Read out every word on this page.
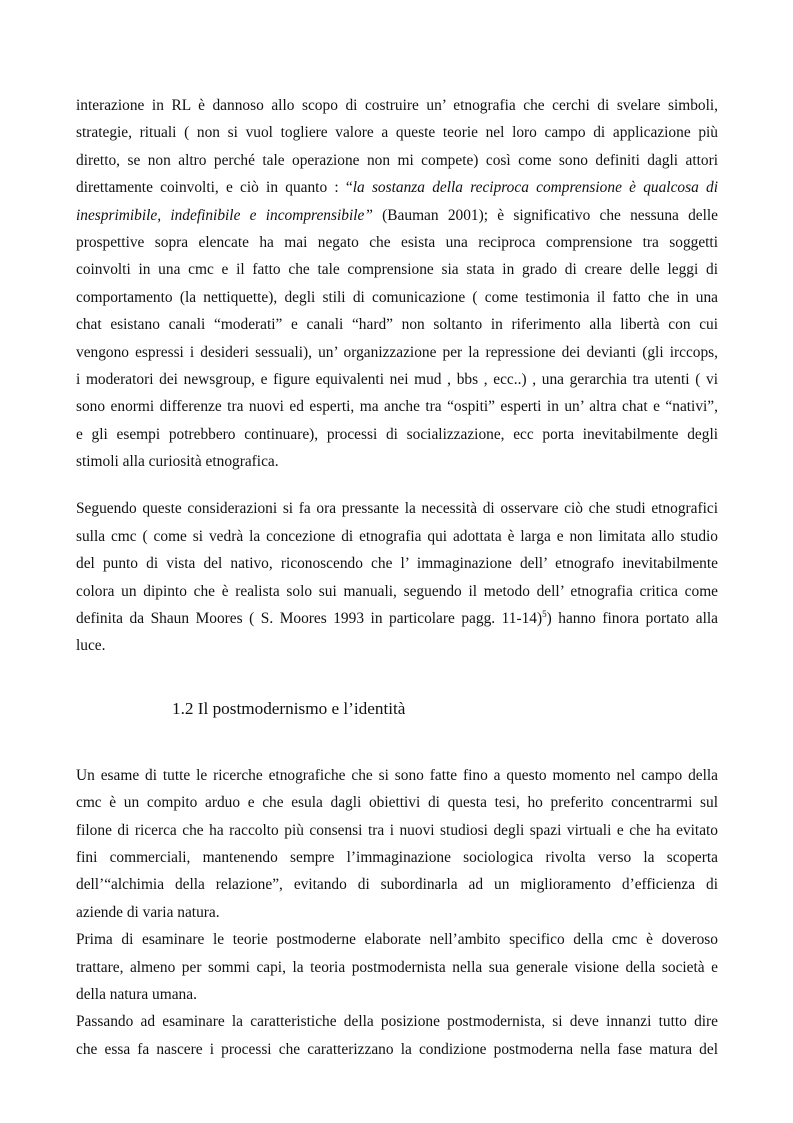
interazione in RL è dannoso allo scopo di costruire un’ etnografia che cerchi di svelare simboli,
strategie, rituali ( non si vuol togliere valore a queste teorie nel loro campo di applicazione più
diretto, se non altro perché tale operazione non mi compete) così come sono definiti dagli attori
direttamente coinvolti, e ciò in quanto : “la sostanza della reciproca comprensione è qualcosa di
inesprimibile, indefinibile e incomprensibile” (Bauman 2001); è significativo che nessuna delle
prospettive sopra elencate ha mai negato che esista una reciproca comprensione tra soggetti
coinvolti in una cmc e il fatto che tale comprensione sia stata in grado di creare delle leggi di
comportamento (la nettiquette), degli stili di comunicazione ( come testimonia il fatto che in una
chat esistano canali “moderati” e canali “hard” non soltanto in riferimento alla libertà con cui
vengono espressi i desideri sessuali), un’ organizzazione per la repressione dei devianti (gli irccops,
i moderatori dei newsgroup, e figure equivalenti nei mud , bbs , ecc..) , una gerarchia tra utenti ( vi
sono enormi differenze tra nuovi ed esperti, ma anche tra “ospiti” esperti in un’ altra chat e “nativi”,
e gli esempi potrebbero continuare), processi di socializzazione, ecc porta inevitabilmente degli
stimoli alla curiosità etnografica.
Seguendo queste considerazioni si fa ora pressante la necessità di osservare ciò che studi etnografici
sulla cmc ( come si vedrà la concezione di etnografia qui adottata è larga e non limitata allo studio
del punto di vista del nativo, riconoscendo che l’ immaginazione dell’ etnografo inevitabilmente
colora un dipinto che è realista solo sui manuali, seguendo il metodo dell’ etnografia critica come
definita da Shaun Moores ( S. Moores 1993 in particolare pagg. 11-14)$^5$) hanno finora portato alla
luce.
1.2 Il postmodernismo e l’identità
Un esame di tutte le ricerche etnografiche che si sono fatte fino a questo momento nel campo della
cmc è un compito arduo e che esula dagli obiettivi di questa tesi, ho preferito concentrarmi sul
filone di ricerca che ha raccolto più consensi tra i nuovi studiosi degli spazi virtuali e che ha evitato
fini commerciali, mantenendo sempre l’immaginazione sociologica rivolta verso la scoperta
dell’“alchimia della relazione”, evitando di subordinarla ad un miglioramento d’efficienza di
aziende di varia natura.
Prima di esaminare le teorie postmoderne elaborate nell’ambito specifico della cmc è doveroso
trattare, almeno per sommi capi, la teoria postmodernista nella sua generale visione della società e
della natura umana.
Passando ad esaminare la caratteristiche della posizione postmodernista, si deve innanzi tutto dire
che essa fa nascere i processi che caratterizzano la condizione postmoderna nella fase matura del
